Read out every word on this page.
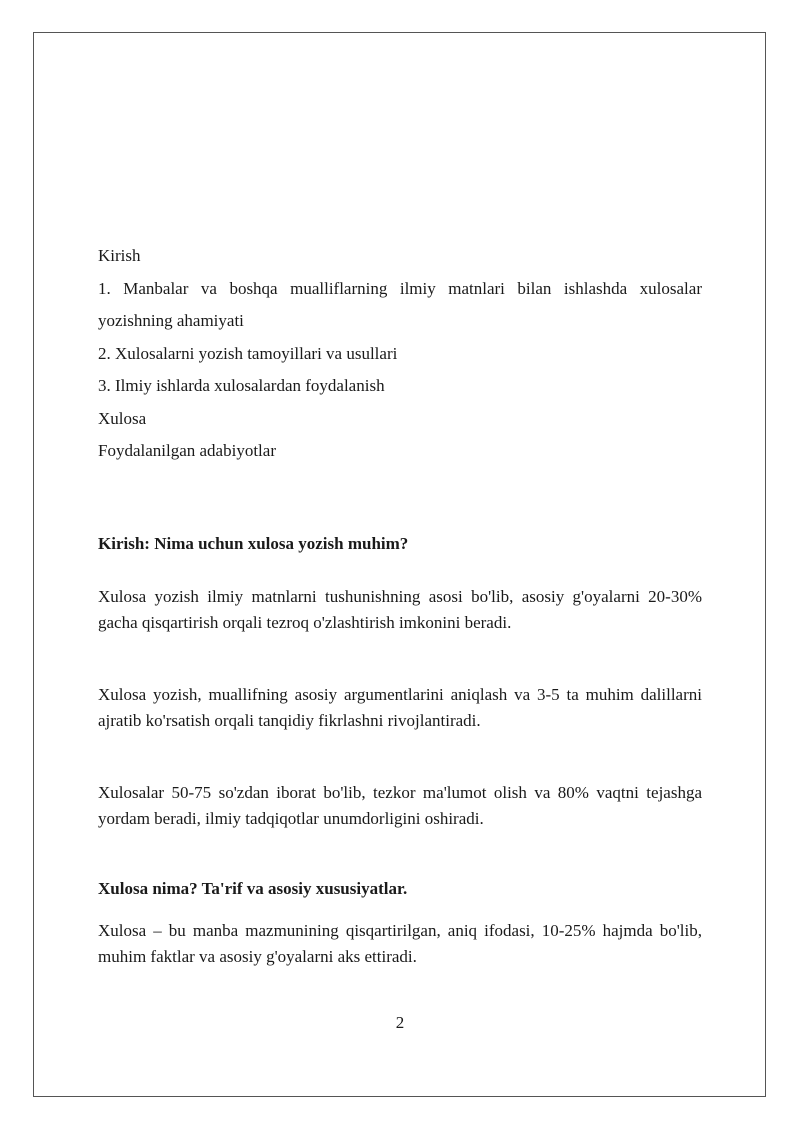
Kirish

1. Manbalar va boshqa mualliflarning ilmiy matnlari bilan ishlashda xulosalar yozishning ahamiyati

2. Xulosalarni yozish tamoyillari va usullari

3. Ilmiy ishlarda xulosalardan foydalanish

Xulosa

Foydalanilgan adabiyotlar

Kirish: Nima uchun xulosa yozish muhim?

Xulosa yozish ilmiy matnlarni tushunishning asosi bo'lib, asosiy g'oyalarni 20-30% gacha qisqartirish orqali tezroq o'zlashtirish imkonini beradi.

Xulosa yozish, muallifning asosiy argumentlarini aniqlash va 3-5 ta muhim dalillarni ajratib ko'rsatish orqali tanqidiy fikrlashni rivojlantiradi.

Xulosalar 50-75 so'zdan iborat bo'lib, tezkor ma'lumot olish va 80% vaqtni tejashga yordam beradi, ilmiy tadqiqotlar unumdorligini oshiradi.

Xulosa nima? Ta'rif va asosiy xususiyatlar.

Xulosa – bu manba mazmunining qisqartirilgan, aniq ifodasi, 10-25% hajmda bo'lib, muhim faktlar va asosiy g'oyalarni aks ettiradi.

2
